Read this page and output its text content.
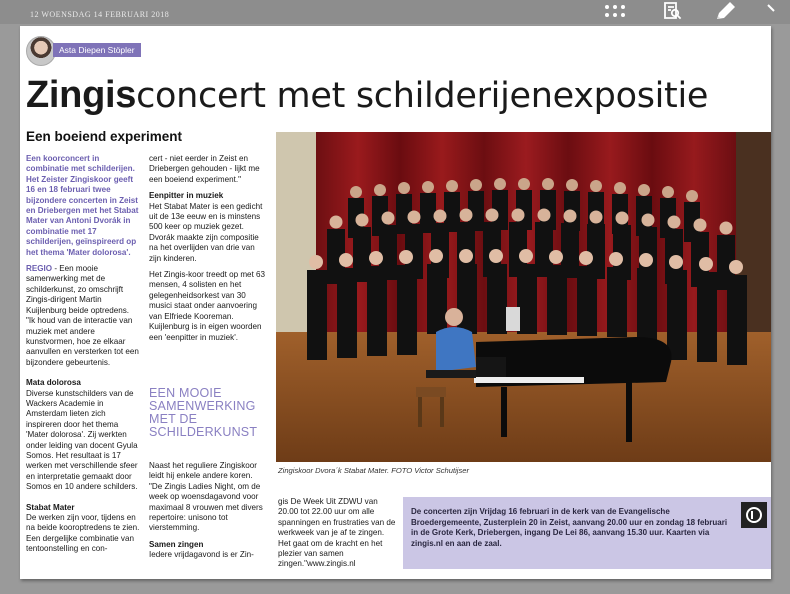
12 WOENSDAG 14 FEBRUARI 2018
Asta Diepen Stöpler
Zingisconcert met schilderijenexpositie
Een boeiend experiment

Een koorconcert in combinatie met schilderijen. Het Zeister Zingiskoor geeft 16 en 18 februari twee bijzondere concerten in Zeist en Driebergen met het Stabat Mater van Antoni Dvorák in combinatie met 17 schilderijen, geïnspireerd op het thema 'Mater dolorosa'.

REGIO - Een mooie samenwerking met de schilderkunst, zo omschrijft Zingis-dirigent Martin Kuijlenburg beide optredens. "Ik houd van de interactie van muziek met andere kunstvormen, hoe ze elkaar aanvullen en versterken tot een bijzondere gebeurtenis.

Mata dolorosa

Diverse kunstschilders van de Wackers Academie in Amsterdam lieten zich inspireren door het thema 'Mater dolorosa'. Zij werkten onder leiding van docent Gyula Somos. Het resultaat is 17 werken met verschillende sfeer en interpretatie gemaakt door Somos en 10 andere schilders.

Stabat Mater

De werken zijn voor, tijdens en na beide kooroptredens te zien. Een dergelijke combinatie van tentoonstelling en con-

cert - niet eerder in Zeist en Driebergen gehouden - lijkt me een boeiend experiment."

Eenpitter in muziek

Het Stabat Mater is een gedicht uit de 13e eeuw en is minstens 500 keer op muziek gezet. Dvorák maakte zijn compositie na het overlijden van drie van zijn kinderen.

Het Zingis-koor treedt op met 63 mensen, 4 solisten en het gelegenheidsorkest van 30 musici staat onder aanvoering van Elfriede Kooreman. Kuijlenburg is in eigen woorden een 'eenpitter in muziek'.

EEN MOOIE SAMENWERKING MET DE SCHILDERKUNST

Naast het reguliere Zingiskoor leidt hij enkele andere koren. "De Zingis Ladies Night, om de week op woensdagavond voor maximaal 8 vrouwen met divers repertoire: unisono tot vierstemming.

Samen zingen

Iedere vrijdagavond is er Zin-

gis De Week Uit ZDWU van 20.00 tot 22.00 uur om alle spanningen en frustraties van de werkweek van je af te zingen. Het gaat om de kracht en het plezier van samen zingen."www.zingis.nl

Zingiskoor Dvora´k Stabat Mater. FOTO Victor Schutijser
De concerten zijn Vrijdag 16 februari in de kerk van de Evangelische Broedergemeente, Zusterplein 20 in Zeist, aanvang 20.00 uur en zondag 18 februari in de Grote Kerk, Driebergen, ingang De Lei 86, aanvang 15.30 uur. Kaarten via zingis.nl en aan de zaal.
